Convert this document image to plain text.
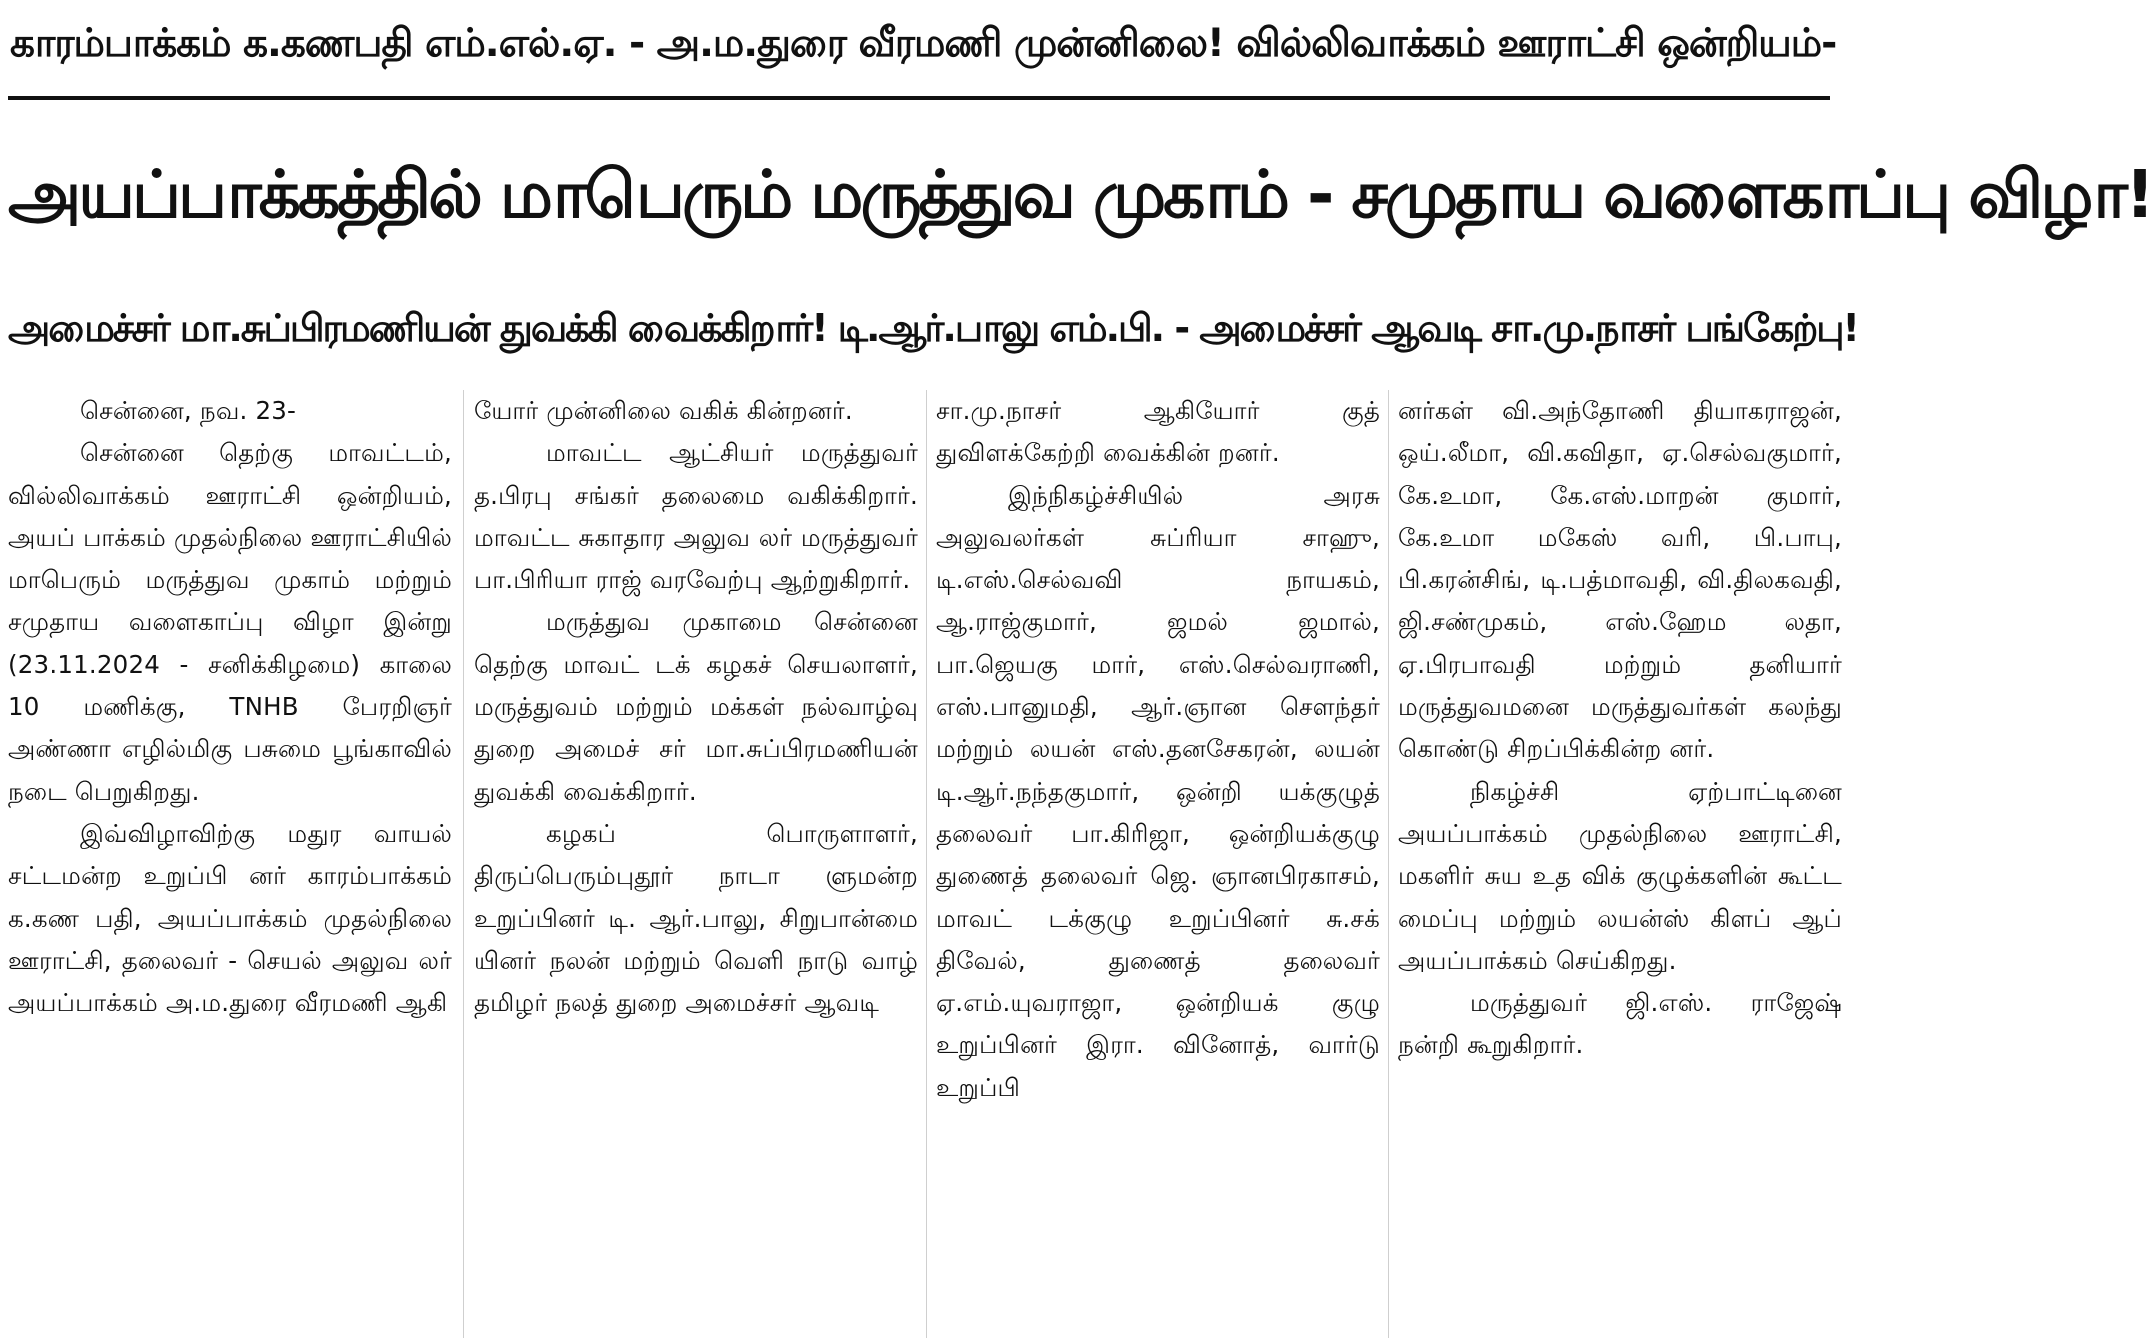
காரம்பாக்கம் க.கணபதி எம்.எல்.ஏ. - அ.ம.துரை வீரமணி முன்னிலை! வில்லிவாக்கம் ஊராட்சி ஒன்றியம்-
அயப்பாக்கத்தில் மாபெரும் மருத்துவ முகாம் - சமுதாய வளைகாப்பு விழா!
அமைச்சர் மா.சுப்பிரமணியன் துவக்கி வைக்கிறார்! டி.ஆர்.பாலு எம்.பி. - அமைச்சர் ஆவடி சா.மு.நாசர் பங்கேற்பு!

சென்னை, நவ. 23-

சென்னை தெற்கு மாவட்டம், வில்லிவாக்கம் ஊராட்சி ஒன்றியம், அயப் பாக்கம் முதல்நிலை ஊராட்சியில் மாபெரும் மருத்துவ முகாம் மற்றும் சமுதாய வளைகாப்பு விழா இன்று (23.11.2024 - சனிக்கிழமை) காலை 10 மணிக்கு, TNHB பேரறிஞர் அண்ணா எழில்மிகு பசுமை பூங்காவில் நடை பெறுகிறது.

இவ்விழாவிற்கு மதுர வாயல் சட்டமன்ற உறுப்பி னர் காரம்பாக்கம் க.கண பதி, அயப்பாக்கம் முதல்நிலை ஊராட்சி, தலைவர் - செயல் அலுவ லர் அயப்பாக்கம் அ.ம.துரை வீரமணி ஆகி

யோர் முன்னிலை வகிக் கின்றனர்.

மாவட்ட ஆட்சியர் மருத்துவர் த.பிரபு சங்கர் தலைமை வகிக்கிறார். மாவட்ட சுகாதார அலுவ லர் மருத்துவர் பா.பிரியா ராஜ் வரவேற்பு ஆற்றுகிறார்.

மருத்துவ முகாமை சென்னை தெற்கு மாவட் டக் கழகச் செயலாளர், மருத்துவம் மற்றும் மக்கள் நல்வாழ்வு துறை அமைச் சர் மா.சுப்பிரமணியன் துவக்கி வைக்கிறார்.

கழகப் பொருளாளர், திருப்பெரும்புதூர் நாடா ளுமன்ற உறுப்பினர் டி. ஆர்.பாலு, சிறுபான்மை யினர் நலன் மற்றும் வெளி நாடு வாழ் தமிழர் நலத் துறை அமைச்சர் ஆவடி

சா.மு.நாசர் ஆகியோர் குத் துவிளக்கேற்றி வைக்கின் றனர்.

இந்நிகழ்ச்சியில் அரசு அலுவலர்கள் சுப்ரியா சாஹு, டி.எஸ்.செல்வவி நாயகம், ஆ.ராஜ்குமார், ஜமல் ஜமால், பா.ஜெயகு மார், எஸ்.செல்வராணி, எஸ்.பானுமதி, ஆர்.ஞான சௌந்தர் மற்றும் லயன் எஸ்.தனசேகரன், லயன் டி.ஆர்.நந்தகுமார், ஒன்றி யக்குழுத் தலைவர் பா.கிரிஜா, ஒன்றியக்குழு துணைத் தலைவர் ஜெ. ஞானபிரகாசம், மாவட் டக்குழு உறுப்பினர் சு.சக் திவேல், துணைத் தலைவர் ஏ.எம்.யுவராஜா, ஒன்றியக் குழு உறுப்பினர் இரா. வினோத், வார்டு உறுப்பி

னர்கள் வி.அந்தோணி தியாகராஜன், ஒய்.லீமா, வி.கவிதா, ஏ.செல்வகுமார், கே.உமா, கே.எஸ்.மாறன் குமார், கே.உமா மகேஸ் வரி, பி.பாபு, பி.கரன்சிங், டி.பத்மாவதி, வி.திலகவதி, ஜி.சண்முகம், எஸ்.ஹேம லதா, ஏ.பிரபாவதி மற்றும் தனியார் மருத்துவமனை மருத்துவர்கள் கலந்து கொண்டு சிறப்பிக்கின்ற னர்.

நிகழ்ச்சி ஏற்பாட்டினை அயப்பாக்கம் முதல்நிலை ஊராட்சி, மகளிர் சுய உத விக் குழுக்களின் கூட்ட மைப்பு மற்றும் லயன்ஸ் கிளப் ஆப் அயப்பாக்கம் செய்கிறது.

மருத்துவர் ஜி.எஸ். ராஜேஷ் நன்றி கூறுகிறார்.
